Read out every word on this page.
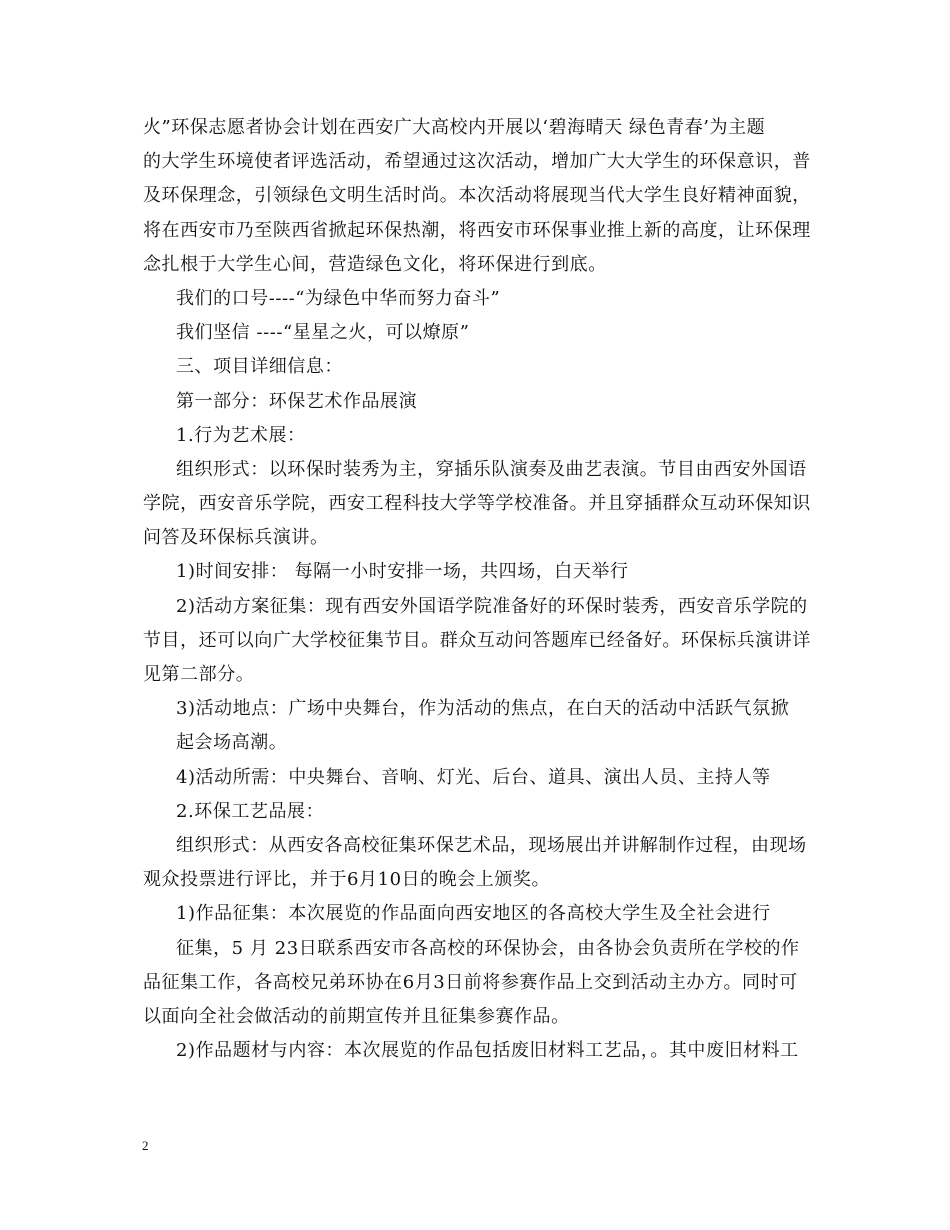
火”环保志愿者协会计划在西安广大高校内开展以‘碧海晴天 绿色青春’为主题
的大学生环境使者评选活动，希望通过这次活动，增加广大大学生的环保意识，普
及环保理念，引领绿色文明生活时尚。本次活动将展现当代大学生良好精神面貌，
将在西安市乃至陕西省掀起环保热潮，将西安市环保事业推上新的高度，让环保理
念扎根于大学生心间，营造绿色文化，将环保进行到底。
我们的口号----“为绿色中华而努力奋斗”
我们坚信 ----“星星之火，可以燎原”
三、项目详细信息：
第一部分：环保艺术作品展演
1.行为艺术展：
组织形式：以环保时装秀为主，穿插乐队演奏及曲艺表演。节目由西安外国语
学院，西安音乐学院，西安工程科技大学等学校准备。并且穿插群众互动环保知识
问答及环保标兵演讲。
1)时间安排： 每隔一小时安排一场，共四场，白天举行
2)活动方案征集：现有西安外国语学院准备好的环保时装秀，西安音乐学院的
节目，还可以向广大学校征集节目。群众互动问答题库已经备好。环保标兵演讲详
见第二部分。
3)活动地点：广场中央舞台，作为活动的焦点，在白天的活动中活跃气氛掀
起会场高潮。
4)活动所需：中央舞台、音响、灯光、后台、道具、演出人员、主持人等
2.环保工艺品展：
组织形式：从西安各高校征集环保艺术品，现场展出并讲解制作过程，由现场
观众投票进行评比，并于6月10日的晚会上颁奖。
1)作品征集：本次展览的作品面向西安地区的各高校大学生及全社会进行
征集，5 月 23日联系西安市各高校的环保协会，由各协会负责所在学校的作
品征集工作，各高校兄弟环协在6月3日前将参赛作品上交到活动主办方。同时可
以面向全社会做活动的前期宣传并且征集参赛作品。
2)作品题材与内容：本次展览的作品包括废旧材料工艺品，。其中废旧材料工
2
